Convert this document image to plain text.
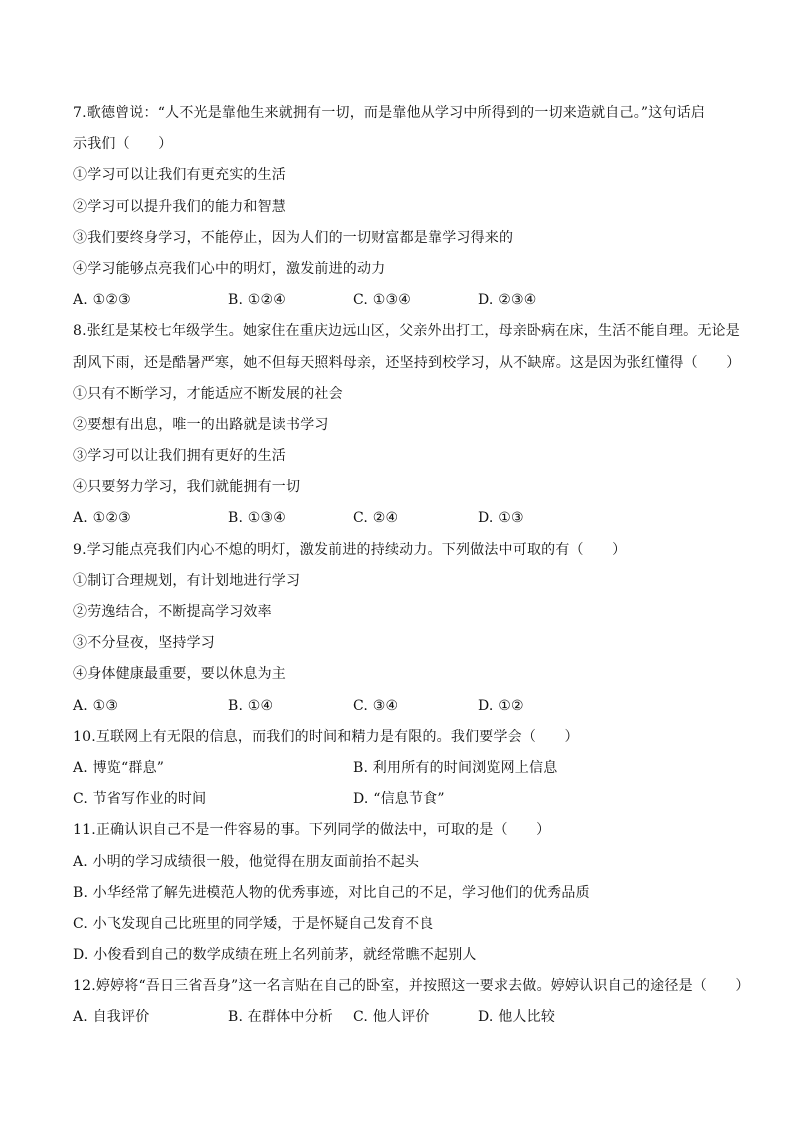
7.歌德曾说：“人不光是靠他生来就拥有一切，而是靠他从学习中所得到的一切来造就自己。”这句话启
示我们（　　）
①学习可以让我们有更充实的生活
②学习可以提升我们的能力和智慧
③我们要终身学习，不能停止，因为人们的一切财富都是靠学习得来的
④学习能够点亮我们心中的明灯，激发前进的动力
A. ①②③	B. ①②④	C. ①③④	D. ②③④
8.张红是某校七年级学生。她家住在重庆边远山区，父亲外出打工，母亲卧病在床，生活不能自理。无论是
刮风下雨，还是酷暑严寒，她不但每天照料母亲，还坚持到校学习，从不缺席。这是因为张红懂得（　　）
①只有不断学习，才能适应不断发展的社会
②要想有出息，唯一的出路就是读书学习
③学习可以让我们拥有更好的生活
④只要努力学习，我们就能拥有一切
A. ①②③	B. ①③④	C. ②④	D. ①③
9.学习能点亮我们内心不熄的明灯，激发前进的持续动力。下列做法中可取的有（　　）
①制订合理规划，有计划地进行学习
②劳逸结合，不断提高学习效率
③不分昼夜，坚持学习
④身体健康最重要，要以休息为主
A. ①③	B. ①④	C. ③④	D. ①②
10.互联网上有无限的信息，而我们的时间和精力是有限的。我们要学会（　　）
A. 博览“群息”	B. 利用所有的时间浏览网上信息
C. 节省写作业的时间	D. “信息节食”
11.正确认识自己不是一件容易的事。下列同学的做法中，可取的是（　　）
A. 小明的学习成绩很一般，他觉得在朋友面前抬不起头
B. 小华经常了解先进模范人物的优秀事迹，对比自己的不足，学习他们的优秀品质
C. 小飞发现自己比班里的同学矮，于是怀疑自己发育不良
D. 小俊看到自己的数学成绩在班上名列前茅，就经常瞧不起别人
12.婷婷将“吾日三省吾身”这一名言贴在自己的卧室，并按照这一要求去做。婷婷认识自己的途径是（　　）
A. 自我评价	B. 在群体中分析 C. 他人评价	D. 他人比较
